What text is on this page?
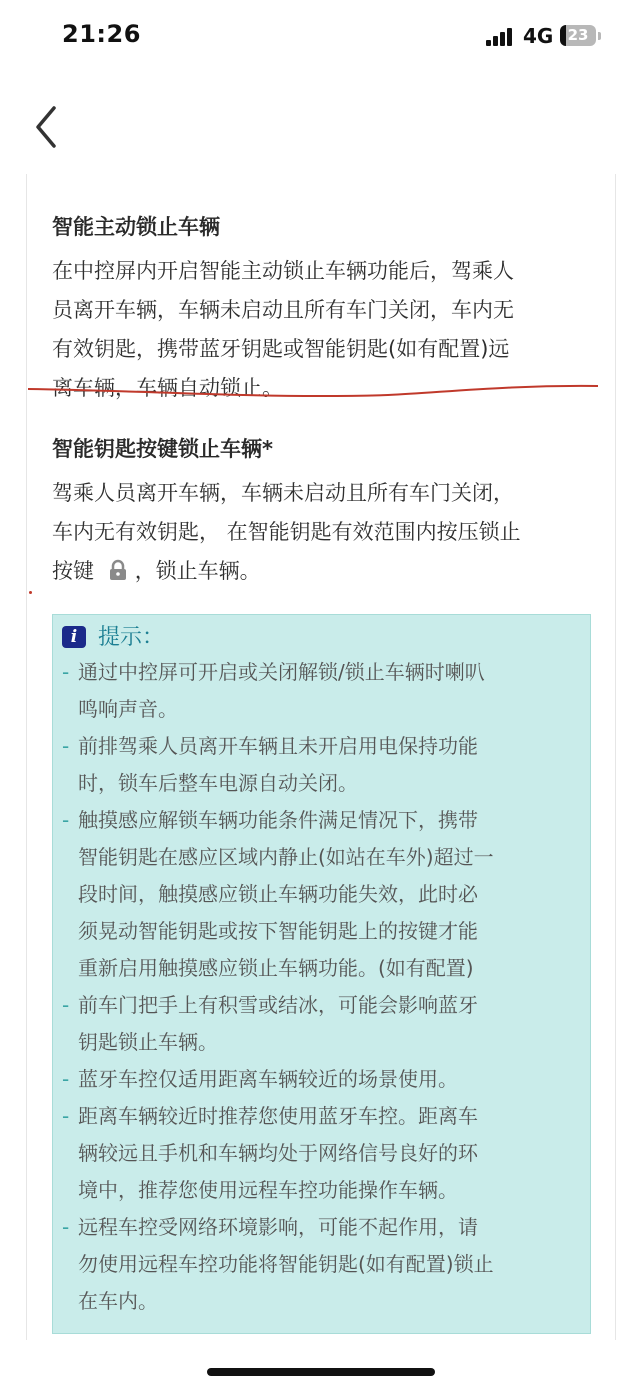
21:26	4G 23
智能主动锁止车辆
在中控屏内开启智能主动锁止车辆功能后，驾乘人
员离开车辆，车辆未启动且所有车门关闭，车内无
有效钥匙，携带蓝牙钥匙或智能钥匙(如有配置)远
离车辆，车辆自动锁止。
智能钥匙按键锁止车辆*
驾乘人员离开车辆，车辆未启动且所有车门关闭，
车内无有效钥匙， 在智能钥匙有效范围内按压锁止
按键 ，锁止车辆。
i 提示：
- 通过中控屏可开启或关闭解锁/锁止车辆时喇叭
鸣响声音。
- 前排驾乘人员离开车辆且未开启用电保持功能
时，锁车后整车电源自动关闭。
- 触摸感应解锁车辆功能条件满足情况下，携带
智能钥匙在感应区域内静止(如站在车外)超过一
段时间，触摸感应锁止车辆功能失效，此时必
须晃动智能钥匙或按下智能钥匙上的按键才能
重新启用触摸感应锁止车辆功能。(如有配置)
- 前车门把手上有积雪或结冰，可能会影响蓝牙
钥匙锁止车辆。
- 蓝牙车控仅适用距离车辆较近的场景使用。
- 距离车辆较近时推荐您使用蓝牙车控。距离车
辆较远且手机和车辆均处于网络信号良好的环
境中，推荐您使用远程车控功能操作车辆。
- 远程车控受网络环境影响，可能不起作用，请
勿使用远程车控功能将智能钥匙(如有配置)锁止
在车内。
